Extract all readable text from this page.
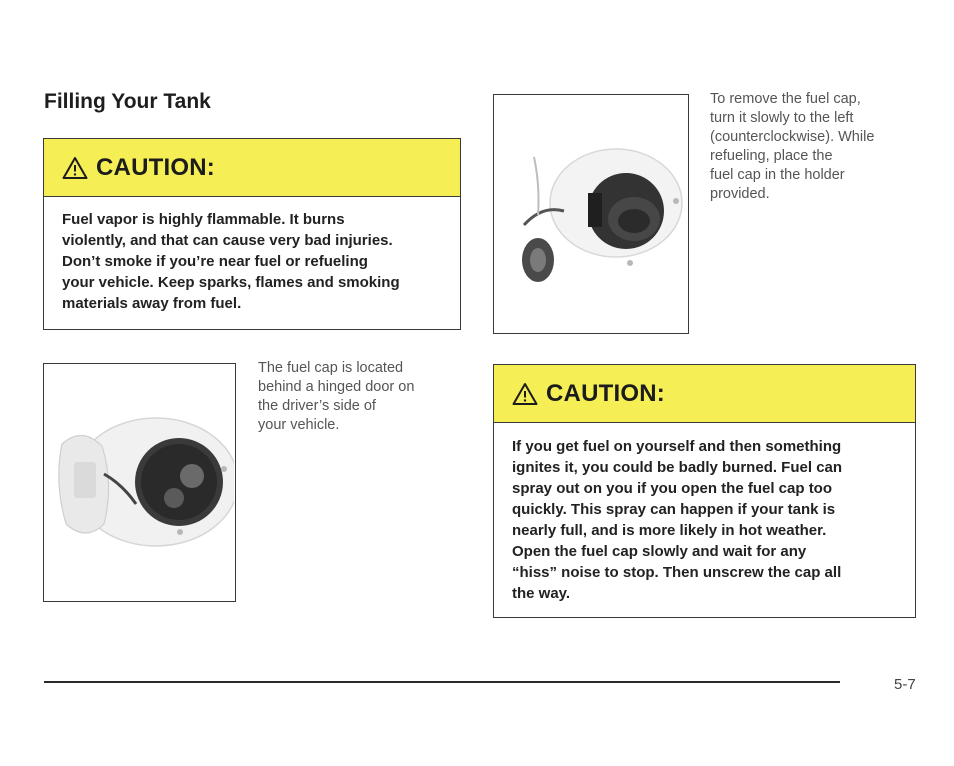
Filling Your Tank
CAUTION:
Fuel vapor is highly flammable. It burns
violently, and that can cause very bad injuries.
Don’t smoke if you’re near fuel or refueling
your vehicle. Keep sparks, flames and smoking
materials away from fuel.
The fuel cap is located
behind a hinged door on
the driver’s side of
your vehicle.
To remove the fuel cap,
turn it slowly to the left
(counterclockwise). While
refueling, place the
fuel cap in the holder
provided.
CAUTION:
If you get fuel on yourself and then something
ignites it, you could be badly burned. Fuel can
spray out on you if you open the fuel cap too
quickly. This spray can happen if your tank is
nearly full, and is more likely in hot weather.
Open the fuel cap slowly and wait for any
“hiss” noise to stop. Then unscrew the cap all
the way.
5-7
